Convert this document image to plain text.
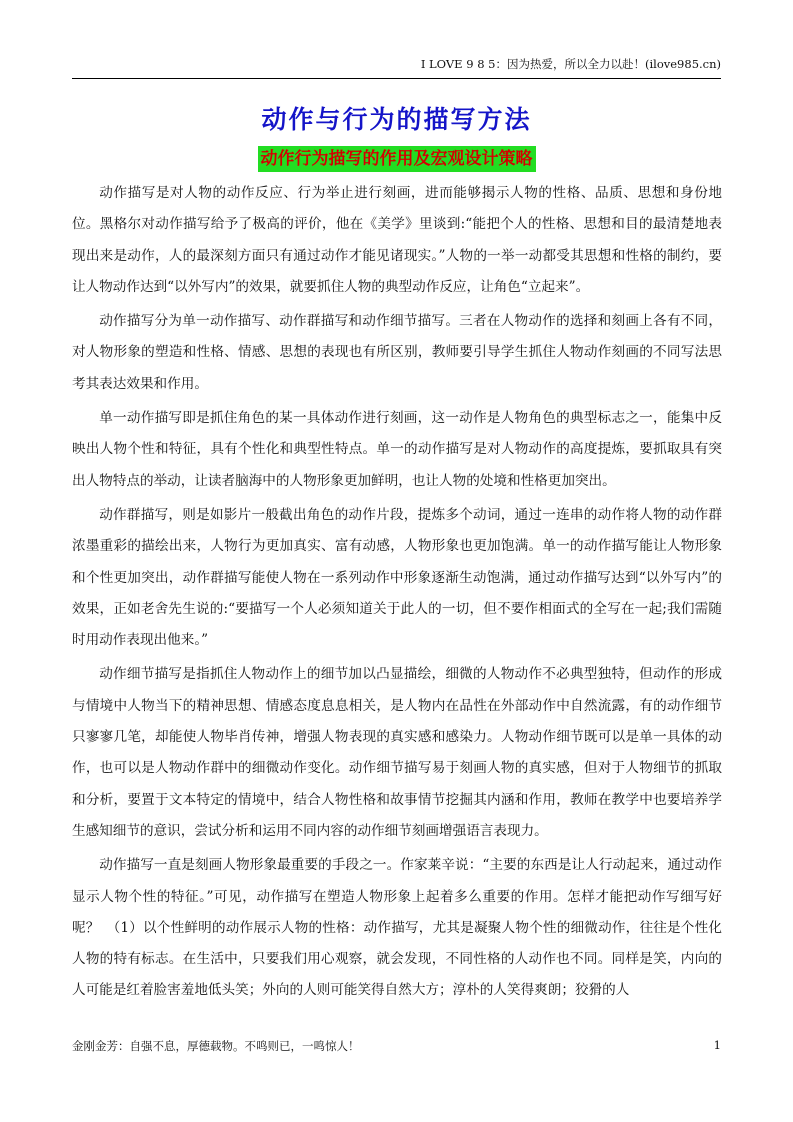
I LOVE 9 8 5：因为热爱，所以全力以赴！(ilove985.cn)
动作与行为的描写方法
动作行为描写的作用及宏观设计策略

动作描写是对人物的动作反应、行为举止进行刻画，进而能够揭示人物的性格、品质、思想和身份地位。黑格尔对动作描写给予了极高的评价，他在《美学》里谈到:“能把个人的性格、思想和目的最清楚地表现出来是动作，人的最深刻方面只有通过动作才能见诸现实。”人物的一举一动都受其思想和性格的制约，要让人物动作达到“以外写内”的效果，就要抓住人物的典型动作反应，让角色“立起来”。

动作描写分为单一动作描写、动作群描写和动作细节描写。三者在人物动作的选择和刻画上各有不同，对人物形象的塑造和性格、情感、思想的表现也有所区别，教师要引导学生抓住人物动作刻画的不同写法思考其表达效果和作用。

单一动作描写即是抓住角色的某一具体动作进行刻画，这一动作是人物角色的典型标志之一，能集中反映出人物个性和特征，具有个性化和典型性特点。单一的动作描写是对人物动作的高度提炼，要抓取具有突出人物特点的举动，让读者脑海中的人物形象更加鲜明，也让人物的处境和性格更加突出。

动作群描写，则是如影片一般截出角色的动作片段，提炼多个动词，通过一连串的动作将人物的动作群浓墨重彩的描绘出来，人物行为更加真实、富有动感，人物形象也更加饱满。单一的动作描写能让人物形象和个性更加突出，动作群描写能使人物在一系列动作中形象逐渐生动饱满，通过动作描写达到“以外写内”的效果，正如老舍先生说的:“要描写一个人必须知道关于此人的一切，但不要作相面式的全写在一起;我们需随时用动作表现出他来。”

动作细节描写是指抓住人物动作上的细节加以凸显描绘，细微的人物动作不必典型独特，但动作的形成与情境中人物当下的精神思想、情感态度息息相关，是人物内在品性在外部动作中自然流露，有的动作细节只寥寥几笔，却能使人物毕肖传神，增强人物表现的真实感和感染力。人物动作细节既可以是单一具体的动作，也可以是人物动作群中的细微动作变化。动作细节描写易于刻画人物的真实感，但对于人物细节的抓取和分析，要置于文本特定的情境中，结合人物性格和故事情节挖掘其内涵和作用，教师在教学中也要培养学生感知细节的意识，尝试分析和运用不同内容的动作细节刻画增强语言表现力。

动作描写一直是刻画人物形象最重要的手段之一。作家莱辛说：“主要的东西是让人行动起来，通过动作显示人物个性的特征。”可见，动作描写在塑造人物形象上起着多么重要的作用。怎样才能把动作写细写好呢？　（1）以个性鲜明的动作展示人物的性格：动作描写，尤其是凝聚人物个性的细微动作，往往是个性化人物的特有标志。在生活中，只要我们用心观察，就会发现，不同性格的人动作也不同。同样是笑，内向的人可能是红着脸害羞地低头笑；外向的人则可能笑得自然大方；淳朴的人笑得爽朗；狡猾的人

金刚金芳：自强不息，厚德载物。不鸣则已，一鸣惊人！	1
